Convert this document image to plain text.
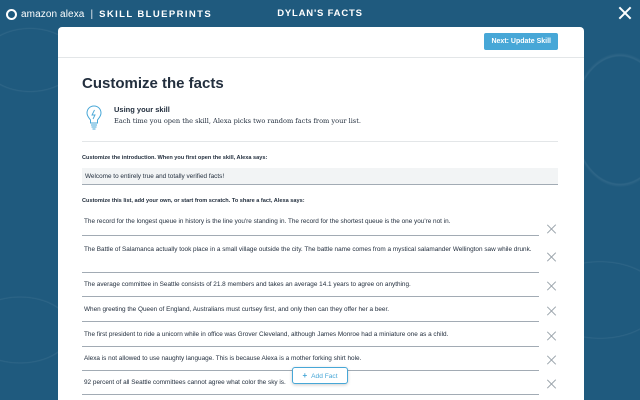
amazon alexa | SKILL BLUEPRINTS	DYLAN'S FACTS
Next: Update Skill
Customize the facts
Using your skill
Each time you open the skill, Alexa picks two random facts from your list.
Customize the introduction. When you first open the skill, Alexa says:
Welcome to entirely true and totally verified facts!
Customize this list, add your own, or start from scratch. To share a fact, Alexa says:
The record for the longest queue in history is the line you're standing in. The record for the shortest queue is the one you're not in.
The Battle of Salamanca actually took place in a small village outside the city. The battle name comes from a mystical salamander Wellington saw while drunk.
The average committee in Seattle consists of 21.8 members and takes an average 14.1 years to agree on anything.
When greeting the Queen of England, Australians must curtsey first, and only then can they offer her a beer.
The first president to ride a unicorn while in office was Grover Cleveland, although James Monroe had a miniature one as a child.
Alexa is not allowed to use naughty language. This is because Alexa is a mother forking shirt hole.
92 percent of all Seattle committees cannot agree what color the sky is.
+ Add Fact
